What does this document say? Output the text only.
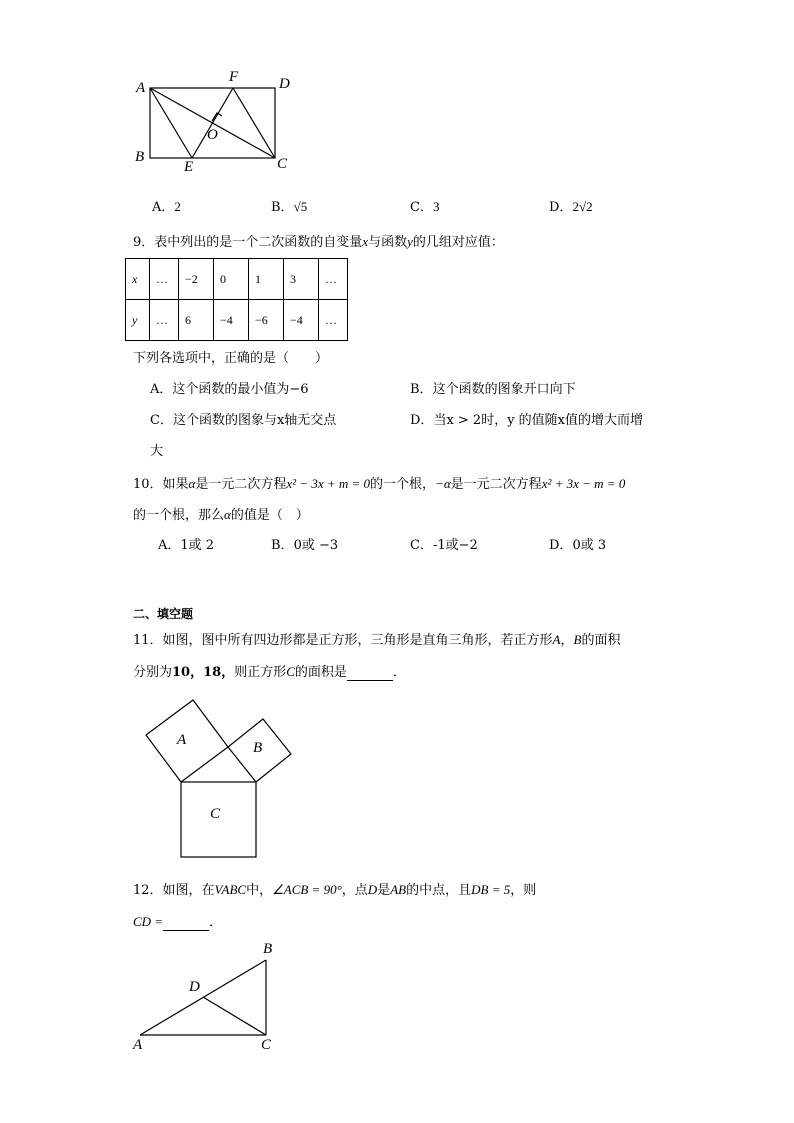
A
F	D
O
B
E	C
A．2	B．√5	C．3	D．2√2
9．表中列出的是一个二次函数的自变量x与函数y的几组对应值：
x	…	−2	0	1	3	…
y	…	6	−4	−6	−4	…
下列各选项中，正确的是（　　）
A．这个函数的最小值为−6	B．这个函数的图象开口向下
C．这个函数的图象与x轴无交点	D．当x > 2时，y 的值随x值的增大而增
大
10．如果α是一元二次方程x² − 3x + m = 0的一个根，−α是一元二次方程x² + 3x − m = 0
的一个根，那么α的值是（　）
A．1或 2	B．0或 −3	C．-1或−2	D．0或 3
二、填空题
11．如图，图中所有四边形都是正方形，三角形是直角三角形，若正方形A，B的面积
分别为10，18，则正方形C的面积是	．
A	B
C
12．如图，在VABC中，∠ACB = 90°，点D是AB的中点，且DB = 5，则
CD =	．
B
D
A	C
